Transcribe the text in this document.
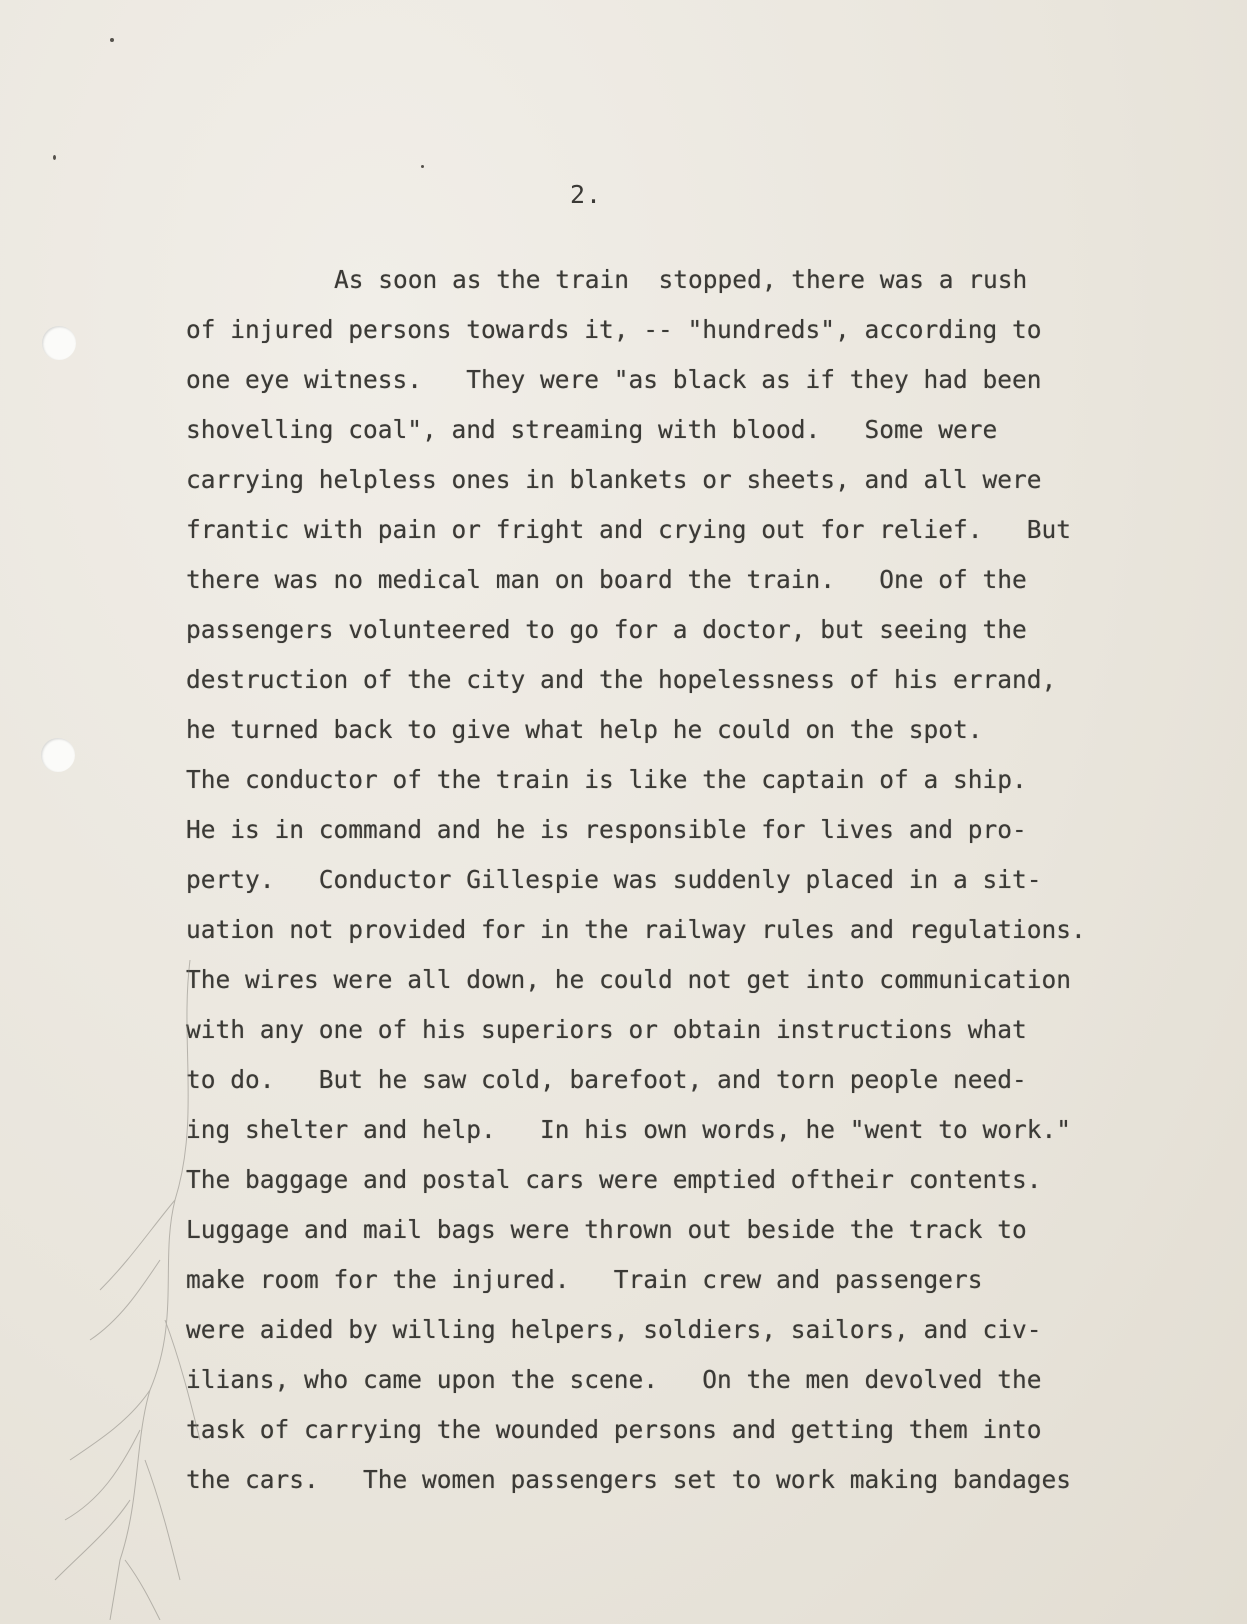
2.
As soon as the train  stopped, there was a rush
of injured persons towards it, -- "hundreds", according to
one eye witness.   They were "as black as if they had been
shovelling coal", and streaming with blood.   Some were
carrying helpless ones in blankets or sheets, and all were
frantic with pain or fright and crying out for relief.   But
there was no medical man on board the train.   One of the
passengers volunteered to go for a doctor, but seeing the
destruction of the city and the hopelessness of his errand,
he turned back to give what help he could on the spot.
The conductor of the train is like the captain of a ship.
He is in command and he is responsible for lives and pro-
perty.   Conductor Gillespie was suddenly placed in a sit-
uation not provided for in the railway rules and regulations.
The wires were all down, he could not get into communication
with any one of his superiors or obtain instructions what
to do.   But he saw cold, barefoot, and torn people need-
ing shelter and help.   In his own words, he "went to work."
The baggage and postal cars were emptied oftheir contents.
Luggage and mail bags were thrown out beside the track to
make room for the injured.   Train crew and passengers
were aided by willing helpers, soldiers, sailors, and civ-
ilians, who came upon the scene.   On the men devolved the
task of carrying the wounded persons and getting them into
the cars.   The women passengers set to work making bandages
